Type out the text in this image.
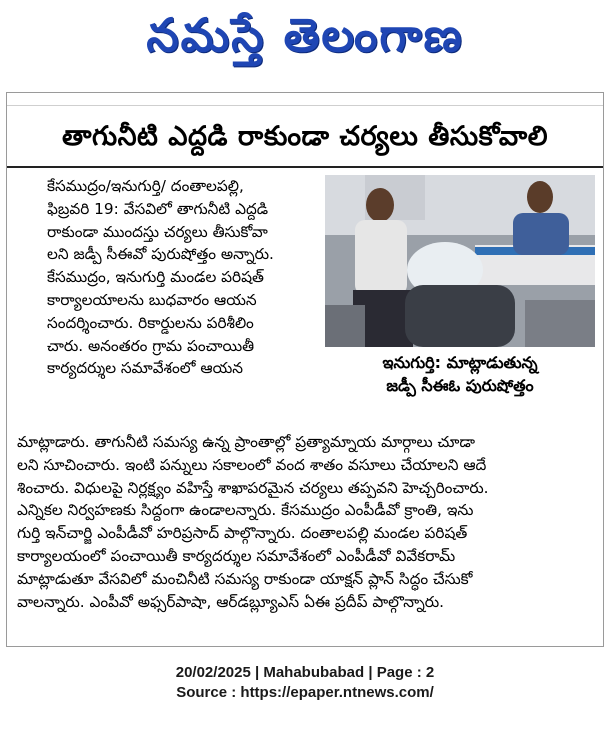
నమస్తే తెలంగాణ
తాగునీటి ఎద్దడి రాకుండా చర్యలు తీసుకోవాలి
కేసముద్రం/ఇనుగుర్తి/ దంతాలపల్లి,
ఫిబ్రవరి 19: వేసవిలో తాగునీటి ఎద్దడి
రాకుండా ముందస్తు చర్యలు తీసుకోవా
లని జడ్పీ సీఈవో పురుషోత్తం అన్నారు.
కేసముద్రం, ఇనుగుర్తి మండల పరిషత్
కార్యాలయాలను బుధవారం ఆయన
సందర్శించారు. రికార్డులను పరిశీలిం
చారు. అనంతరం గ్రామ పంచాయితీ
కార్యదర్శుల సమావేశంలో ఆయన	ఇనుగుర్తి: మాట్లాడుతున్న
జడ్పీ సీఈఓ పురుషోత్తం
మాట్లాడారు. తాగునీటి సమస్య ఉన్న ప్రాంతాల్లో ప్రత్యామ్నాయ మార్గాలు చూడా
లని సూచించారు. ఇంటి పన్నులు సకాలంలో వంద శాతం వసూలు చేయాలని ఆదే
శించారు. విధులపై నిర్లక్ష్యం వహిస్తే శాఖాపరమైన చర్యలు తప్పవని హెచ్చరించారు.
ఎన్నికల నిర్వహణకు సిద్దంగా ఉండాలన్నారు. కేసముద్రం ఎంపీడీవో క్రాంతి, ఇను
గుర్తి ఇన్‌చార్జి ఎంపీడీవో హరిప్రసాద్ పాల్గొన్నారు. దంతాలపల్లి మండల పరిషత్
కార్యాలయంలో పంచాయితీ కార్యదర్శుల సమావేశంలో ఎంపీడీవో వివేకరామ్
మాట్లాడుతూ వేసవిలో మంచినీటి సమస్య రాకుండా యాక్షన్ ప్లాన్ సిద్ధం చేసుకో
వాలన్నారు. ఎంపీవో అఫ్సర్‌పాషా, ఆర్‌డబ్ల్యూఎస్ ఏఈ ప్రదీప్ పాల్గొన్నారు.
20/02/2025 | Mahabubabad | Page : 2
Source : https://epaper.ntnews.com/
